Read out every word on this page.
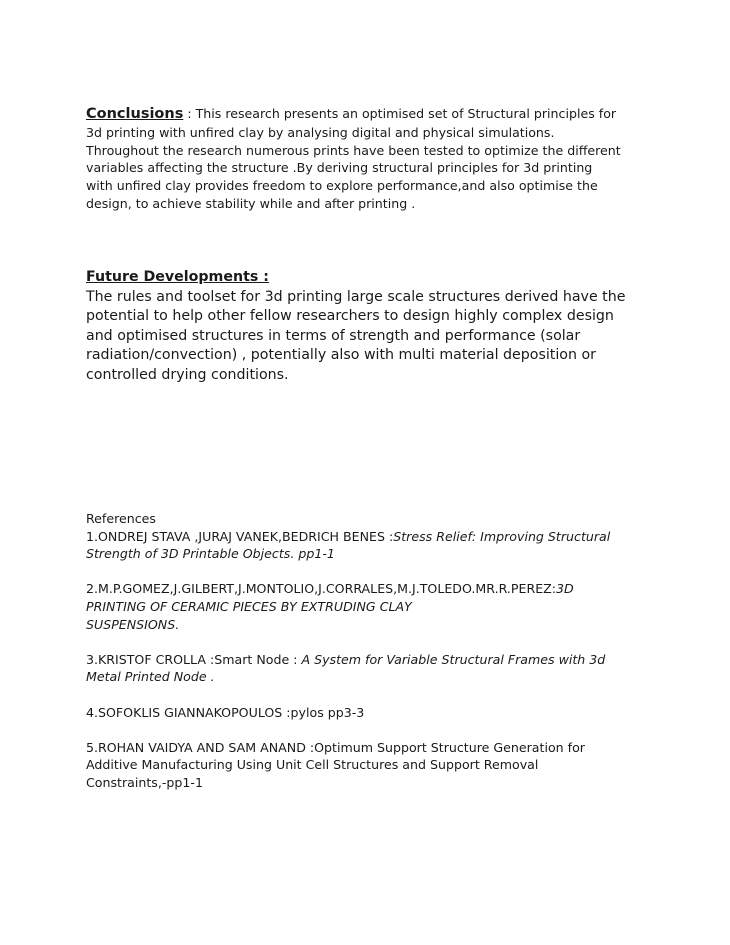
Conclusions : This research presents an optimised set of Structural principles for
3d printing with unfired clay by analysing digital and physical simulations.
Throughout the research numerous prints have been tested to optimize the different
variables affecting the structure .By deriving structural principles for 3d printing
with unfired clay provides freedom to explore performance,and also optimise the
design, to achieve stability while and after printing .
Future Developments :
The rules and toolset for 3d printing large scale structures derived have the
potential to help other fellow researchers to design highly complex design
and optimised structures in terms of strength and performance (solar
radiation/convection) , potentially also with multi material deposition or
controlled drying conditions.
References
1.ONDREJ STAVA ,JURAJ VANEK,BEDRICH BENES :Stress Relief: Improving Structural
Strength of 3D Printable Objects. pp1-1
2.M.P.GOMEZ,J.GILBERT,J.MONTOLIO,J.CORRALES,M.J.TOLEDO.MR.R.PEREZ:3D
PRINTING OF CERAMIC PIECES BY EXTRUDING CLAY
SUSPENSIONS.
3.KRISTOF CROLLA :Smart Node : A System for Variable Structural Frames with 3d
Metal Printed Node .
4.SOFOKLIS GIANNAKOPOULOS :pylos pp3-3
5.ROHAN VAIDYA AND SAM ANAND :Optimum Support Structure Generation for
Additive Manufacturing Using Unit Cell Structures and Support Removal
Constraints,-pp1-1
